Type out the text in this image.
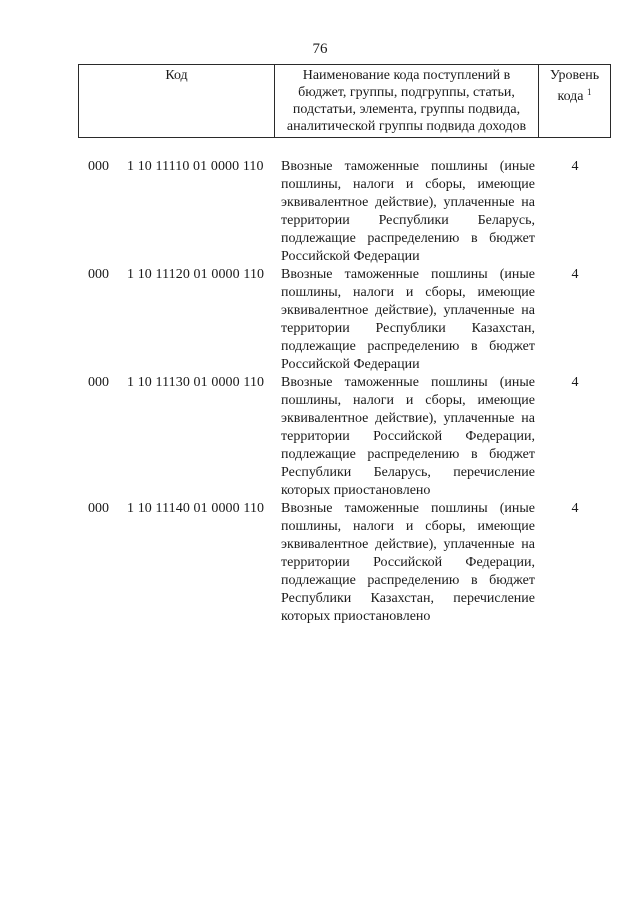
76
Код	Наименование кода поступлений в бюджет, группы, подгруппы, статьи, подстатьи, элемента, группы подвида, аналитической группы подвида доходов
Уровень кода $^1$
000 1 10 11110 01 0000 110 Ввозные таможенные пошлины (иные пошлины, налоги и сборы, имеющие эквивалентное действие), уплаченные на территории Республики Беларусь, подлежащие распределению в бюджет Российской Федерации
4
000 1 10 11120 01 0000 110 Ввозные таможенные пошлины (иные пошлины, налоги и сборы, имеющие эквивалентное действие), уплаченные на территории Республики Казахстан, подлежащие распределению в бюджет Российской Федерации
4
000 1 10 11130 01 0000 110 Ввозные таможенные пошлины (иные пошлины, налоги и сборы, имеющие эквивалентное действие), уплаченные на территории Российской Федерации, подлежащие распределению в бюджет Республики Беларусь, перечисление которых приостановлено
4
000 1 10 11140 01 0000 110 Ввозные таможенные пошлины (иные пошлины, налоги и сборы, имеющие эквивалентное действие), уплаченные на территории Российской Федерации, подлежащие распределению в бюджет Республики Казахстан, перечисление которых приостановлено
4
